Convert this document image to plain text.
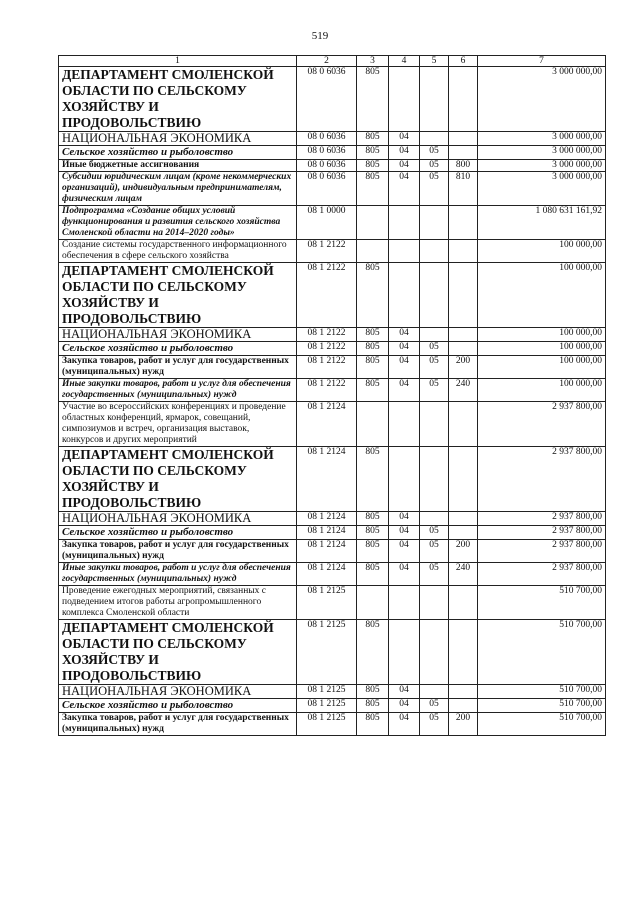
519
1	2	3	4	5	6	7
ДЕПАРТАМЕНТ СМОЛЕНСКОЙ ОБЛАСТИ ПО СЕЛЬСКОМУ ХОЗЯЙСТВУ И ПРОДОВОЛЬСТВИЮ	08 0 6036	805				3 000 000,00
НАЦИОНАЛЬНАЯ ЭКОНОМИКА	08 0 6036	805	04			3 000 000,00
Сельское хозяйство и рыболовство	08 0 6036	805	04	05		3 000 000,00
Иные бюджетные ассигнования	08 0 6036	805	04	05	800	3 000 000,00
Субсидии юридическим лицам (кроме некоммерческих организаций), индивидуальным предпринимателям, физическим лицам	08 0 6036	805	04	05	810	3 000 000,00
Подпрограмма «Создание общих условий функционирования и развития сельского хозяйства Смоленской области на 2014–2020 годы»	08 1 0000					1 080 631 161,92
Создание системы государственного информационного обеспечения в сфере сельского хозяйства	08 1 2122					100 000,00
ДЕПАРТАМЕНТ СМОЛЕНСКОЙ ОБЛАСТИ ПО СЕЛЬСКОМУ ХОЗЯЙСТВУ И ПРОДОВОЛЬСТВИЮ	08 1 2122	805				100 000,00
НАЦИОНАЛЬНАЯ ЭКОНОМИКА	08 1 2122	805	04			100 000,00
Сельское хозяйство и рыболовство	08 1 2122	805	04	05		100 000,00
Закупка товаров, работ и услуг для государственных (муниципальных) нужд	08 1 2122	805	04	05	200	100 000,00
Иные закупки товаров, работ и услуг для обеспечения государственных (муниципальных) нужд	08 1 2122	805	04	05	240	100 000,00
Участие во всероссийских конференциях и проведение областных конференций, ярмарок, совещаний, симпозиумов и встреч, организация выставок, конкурсов и других мероприятий	08 1 2124					2 937 800,00
ДЕПАРТАМЕНТ СМОЛЕНСКОЙ ОБЛАСТИ ПО СЕЛЬСКОМУ ХОЗЯЙСТВУ И ПРОДОВОЛЬСТВИЮ	08 1 2124	805				2 937 800,00
НАЦИОНАЛЬНАЯ ЭКОНОМИКА	08 1 2124	805	04			2 937 800,00
Сельское хозяйство и рыболовство	08 1 2124	805	04	05		2 937 800,00
Закупка товаров, работ и услуг для государственных (муниципальных) нужд	08 1 2124	805	04	05	200	2 937 800,00
Иные закупки товаров, работ и услуг для обеспечения государственных (муниципальных) нужд	08 1 2124	805	04	05	240	2 937 800,00
Проведение ежегодных мероприятий, связанных с подведением итогов работы агропромышленного комплекса Смоленской области	08 1 2125					510 700,00
ДЕПАРТАМЕНТ СМОЛЕНСКОЙ ОБЛАСТИ ПО СЕЛЬСКОМУ ХОЗЯЙСТВУ И ПРОДОВОЛЬСТВИЮ	08 1 2125	805				510 700,00
НАЦИОНАЛЬНАЯ ЭКОНОМИКА	08 1 2125	805	04			510 700,00
Сельское хозяйство и рыболовство	08 1 2125	805	04	05		510 700,00
Закупка товаров, работ и услуг для государственных (муниципальных) нужд	08 1 2125	805	04	05	200	510 700,00
